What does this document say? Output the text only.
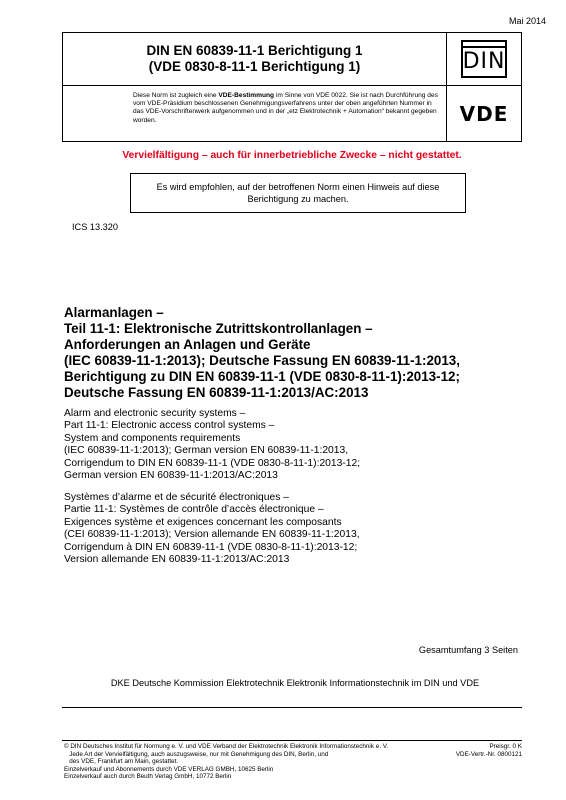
Mai 2014
DIN EN 60839-11-1 Berichtigung 1
(VDE 0830-8-11-1 Berichtigung 1)	DIN
Diese Norm ist zugleich eine VDE-Bestimmung im Sinne von VDE 0022. Sie ist nach Durchführung des vom VDE-Präsidium beschlossenen Genehmigungsverfahrens unter der oben angeführten Nummer in das VDE-Vorschriftenwerk aufgenommen und in der „etz Elektrotechnik + Automation“ bekannt gegeben worden.	VDE
Vervielfältigung – auch für innerbetriebliche Zwecke – nicht gestattet.
Es wird empfohlen, auf der betroffenen Norm einen Hinweis auf diese Berichtigung zu machen.
ICS 13.320
Alarmanlagen –
Teil 11-1: Elektronische Zutrittskontrollanlagen –
Anforderungen an Anlagen und Geräte
(IEC 60839-11-1:2013); Deutsche Fassung EN 60839-11-1:2013,
Berichtigung zu DIN EN 60839-11-1 (VDE 0830-8-11-1):2013-12;
Deutsche Fassung EN 60839-11-1:2013/AC:2013
Alarm and electronic security systems –
Part 11-1: Electronic access control systems –
System and components requirements
(IEC 60839-11-1:2013); German version EN 60839-11-1:2013,
Corrigendum to DIN EN 60839-11-1 (VDE 0830-8-11-1):2013-12;
German version EN 60839-11-1:2013/AC:2013
Systèmes d’alarme et de sécurité électroniques –
Partie 11-1: Systèmes de contrôle d’accès électronique –
Exigences système et exigences concernant les composants
(CEI 60839-11-1:2013); Version allemande EN 60839-11-1:2013,
Corrigendum à DIN EN 60839-11-1 (VDE 0830-8-11-1):2013-12;
Version allemande EN 60839-11-1:2013/AC:2013
Gesamtumfang 3 Seiten
DKE Deutsche Kommission Elektrotechnik Elektronik Informationstechnik im DIN und VDE
© DIN Deutsches Institut für Normung e. V. und VDE Verband der Elektrotechnik Elektronik Informationstechnik e. V.
Jede Art der Vervielfältigung, auch auszugsweise, nur mit Genehmigung des DIN, Berlin, und
des VDE, Frankfurt am Main, gestattet.
Einzelverkauf und Abonnements durch VDE VERLAG GMBH, 10625 Berlin
Einzelverkauf auch durch Beuth Verlag GmbH, 10772 Berlin
Preisgr. 0 K
VDE-Vertr.-Nr. 0800121
